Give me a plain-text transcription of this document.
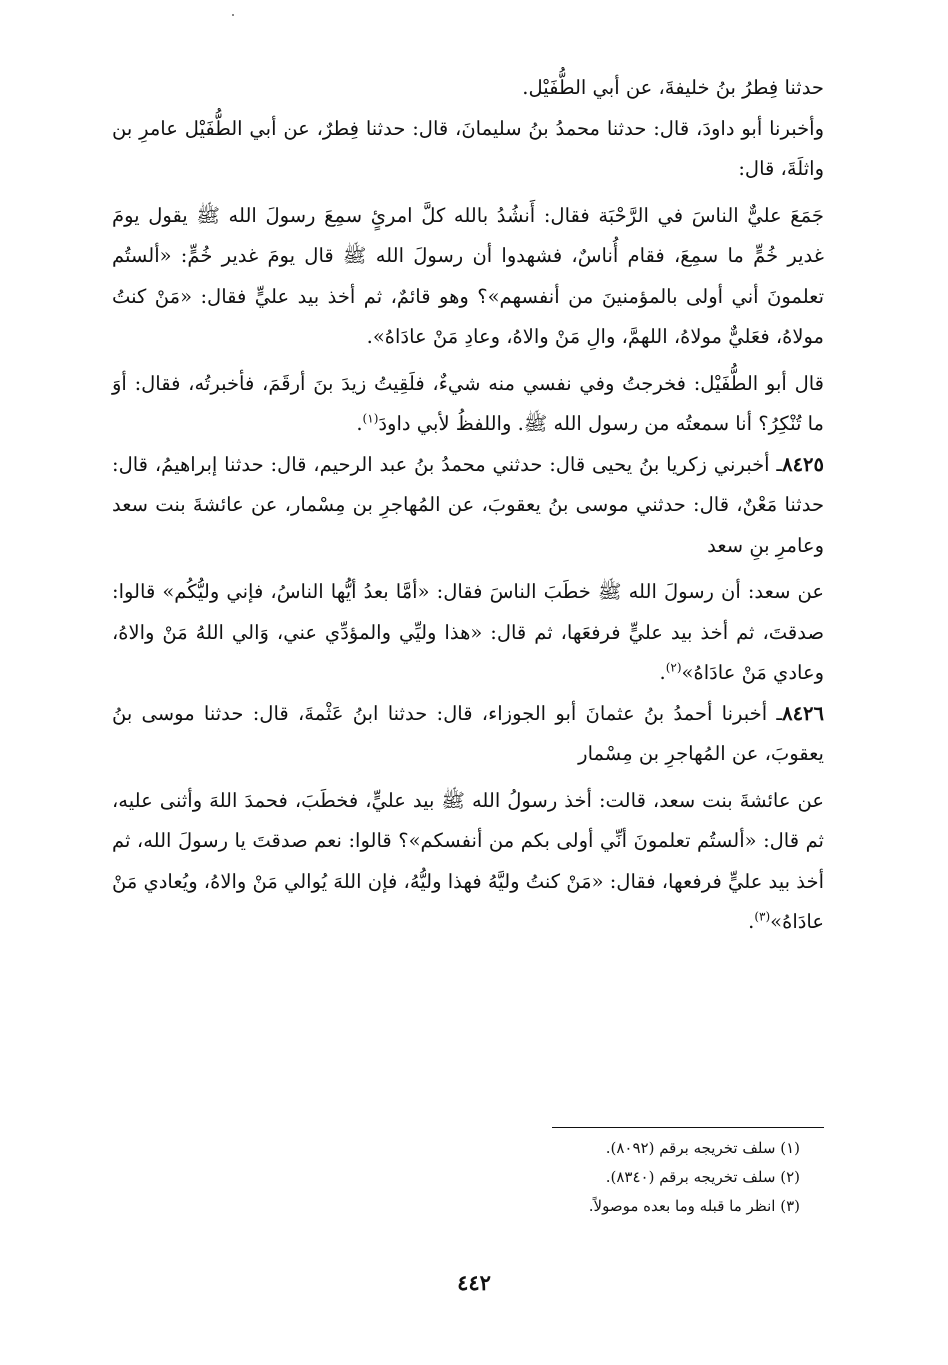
حدثنا فِطرُ بنُ خليفةَ، عن أبي الطُّفَيْل.

وأخبرنا أبو داودَ، قال: حدثنا محمدُ بنُ سليمانَ، قال: حدثنا فِطرٌ، عن أبي الطُّفَيْل عامرِ بن واثلَةَ، قال:

جَمَعَ عليٌّ الناسَ في الرَّحْبَة فقال: أَنشُدُ بالله كلَّ امرئٍ سمِعَ رسولَ الله ﷺ يقول يومَ غدير خُمٍّ ما سمِعَ، فقام أُناسٌ، فشهدوا أن رسولَ الله ﷺ قال يومَ غدير خُمٍّ: «ألستُم تعلمونَ أني أولى بالمؤمنينَ من أنفسهم»؟ وهو قائمٌ، ثم أخذ بيد عليٍّ فقال: «مَنْ كنتُ مولاهُ، فعَليٌّ مولاهُ، اللهمَّ، والِ مَنْ والاهُ، وعادِ مَنْ عادَاهُ».

قال أبو الطُّفَيْل: فخرجتُ وفي نفسي منه شيءٌ، فلَقِيتُ زيدَ بنَ أرقَمَ، فأخبرتُه، فقال: أوَ ما تُنْكِرُ؟ أنا سمعتُه من رسول الله ﷺ. واللفظُ لأبي داودَ$^{(١)}$.

٨٤٢٥ـ أخبرني زكريا بنُ يحيى قال: حدثني محمدُ بنُ عبد الرحيم، قال: حدثنا إبراهيمُ، قال: حدثنا مَعْنٌ، قال: حدثني موسى بنُ يعقوبَ، عن المُهاجرِ بن مِسْمار، عن عائشةَ بنت سعد وعامرِ بنِ سعد

عن سعد: أن رسولَ الله ﷺ خطَبَ الناسَ فقال: «أمَّا بعدُ أيُّها الناسُ، فإني وليُّكُم» قالوا: صدقتَ، ثم أخذ بيد عليٍّ فرفعَها، ثم قال: «هذا وليِّي والمؤدِّي عني، وَالي اللهُ مَنْ والاهُ، وعادي مَنْ عادَاهُ»$^{(٢)}$.

٨٤٢٦ـ أخبرنا أحمدُ بنُ عثمانَ أبو الجوزاء، قال: حدثنا ابنُ عَثْمةَ، قال: حدثنا موسى بنُ يعقوبَ، عن المُهاجرِ بن مِسْمار

عن عائشةَ بنت سعد، قالت: أخذ رسولُ الله ﷺ بيد عليٍّ، فخطَبَ، فحمدَ اللهَ وأثنى عليه، ثم قال: «ألستُم تعلمونَ أنِّي أولى بكم من أنفسكم»؟ قالوا: نعم صدقتَ يا رسولَ الله، ثم أخذ بيد عليٍّ فرفعها، فقال: «مَنْ كنتُ وليَّهُ فهذا وليُّهُ، فإن اللهَ يُوالي مَنْ والاهُ، ويُعادي مَنْ عادَاهُ»$^{(٣)}$.

(١) سلف تخريجه برقم (٨٠٩٢).
(٢) سلف تخريجه برقم (٨٣٤٠).
(٣) انظر ما قبله وما بعده موصولاً.
٤٤٢
